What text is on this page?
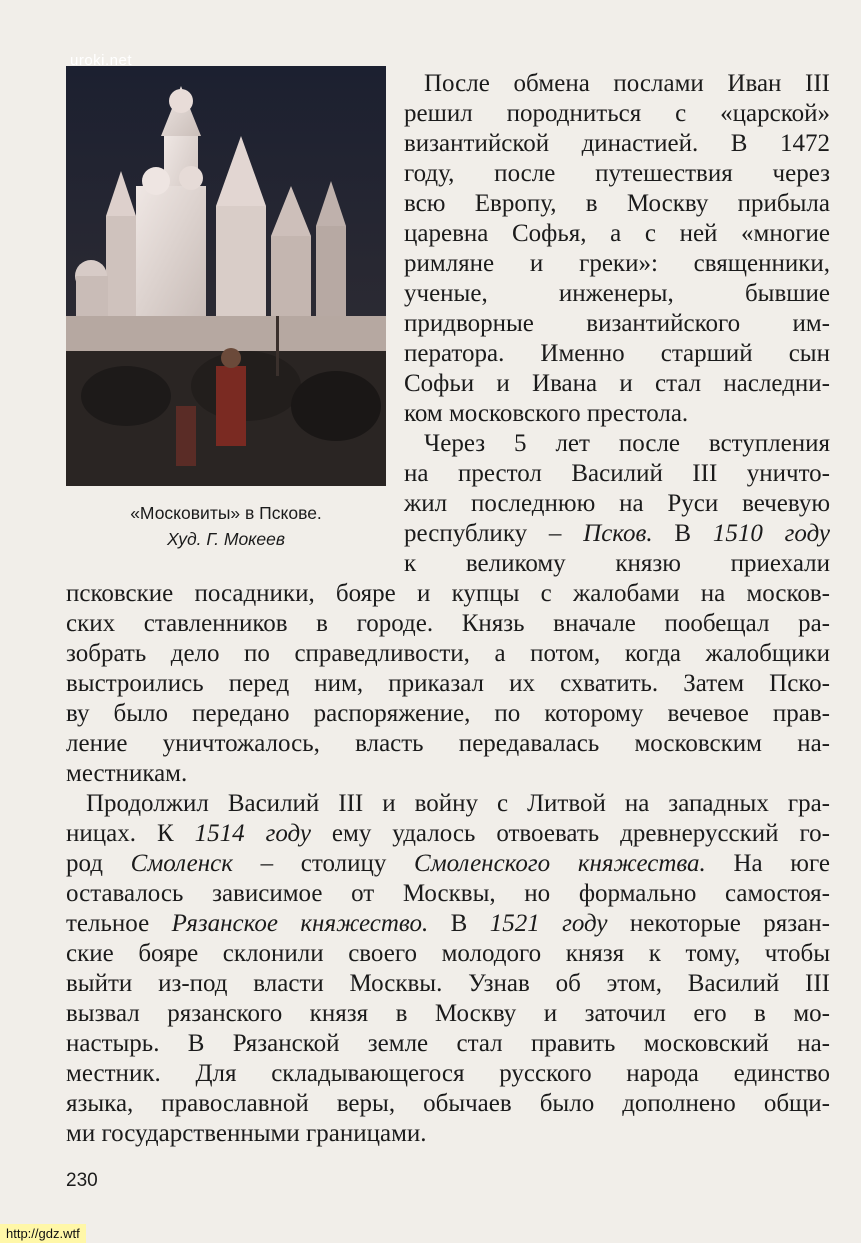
uroki.net
«Московиты» в Пскове.
Худ. Г. Мокеев
После обмена послами Иван III
решил породниться с «царской»
византийской династией. В 1472
году, после путешествия через
всю Европу, в Москву прибыла
царевна Софья, а с ней «многие
римляне и греки»: священники,
ученые, инженеры, бывшие
придворные византийского им-
ператора. Именно старший сын
Софьи и Ивана и стал наследни-
ком московского престола.
Через 5 лет после вступления
на престол Василий III уничто-
жил последнюю на Руси вечевую
республику – Псков. В 1510 году
к великому князю приехали
псковские посадники, бояре и купцы с жалобами на москов-
ских ставленников в городе. Князь вначале пообещал ра-
зобрать дело по справедливости, а потом, когда жалобщики
выстроились перед ним, приказал их схватить. Затем Пско-
ву было передано распоряжение, по которому вечевое прав-
ление уничтожалось, власть передавалась московским на-
местникам.
Продолжил Василий III и войну с Литвой на западных гра-
ницах. К 1514 году ему удалось отвоевать древнерусский го-
род Смоленск – столицу Смоленского княжества. На юге
оставалось зависимое от Москвы, но формально самостоя-
тельное Рязанское княжество. В 1521 году некоторые рязан-
ские бояре склонили своего молодого князя к тому, чтобы
выйти из-под власти Москвы. Узнав об этом, Василий III
вызвал рязанского князя в Москву и заточил его в мо-
настырь. В Рязанской земле стал править московский на-
местник. Для складывающегося русского народа единство
языка, православной веры, обычаев было дополнено общи-
ми государственными границами.
230
http://gdz.wtf
